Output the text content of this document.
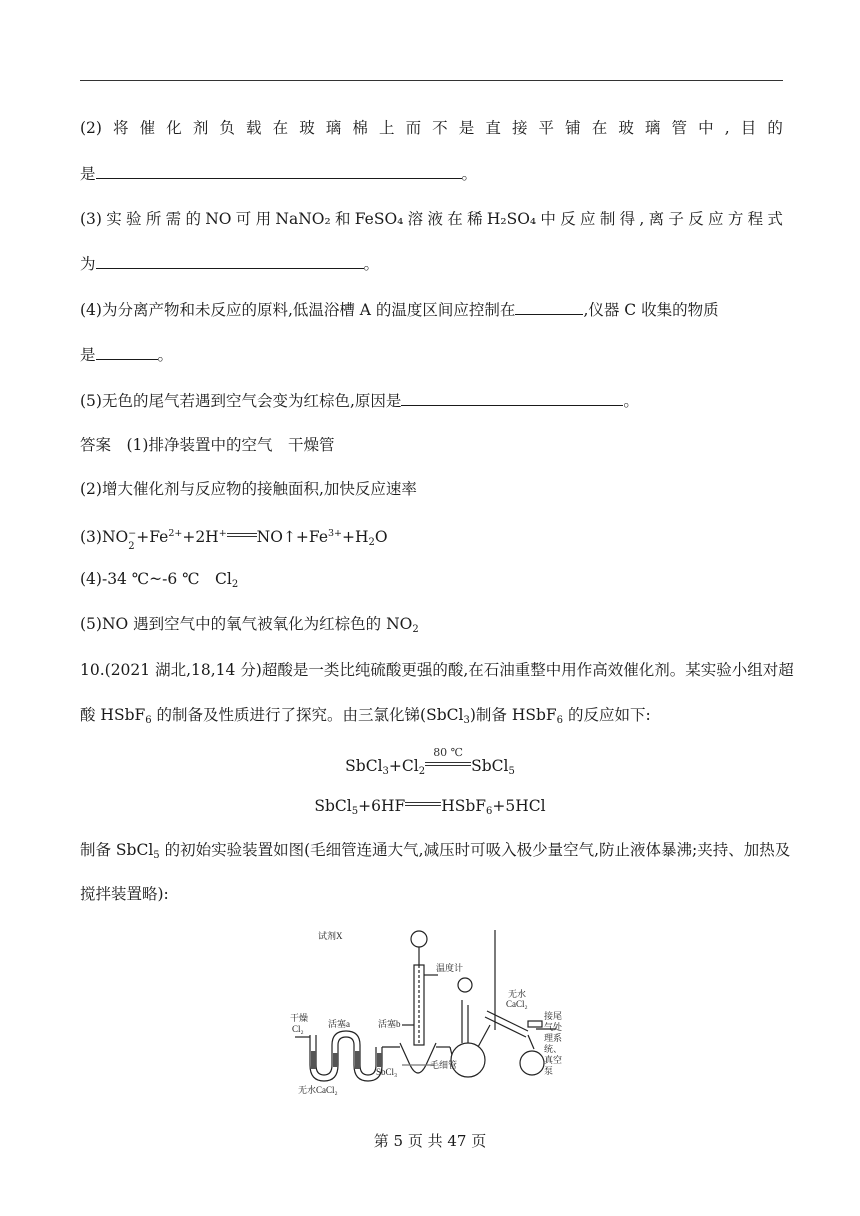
(2) 将 催 化 剂 负 载 在 玻 璃 棉 上 而 不 是 直 接 平 铺 在 玻 璃 管 中 , 目 的
是	。
(3) 实 验 所 需 的 NO 可 用 NaNO₂ 和 FeSO₄ 溶 液 在 稀 H₂SO₄ 中 反 应 制 得 , 离 子 反 应 方 程 式
为	。
(4)为分离产物和未反应的原料,低温浴槽 A 的温度区间应控制在	,仪器 C 收集的物质
是	。
(5)无色的尾气若遇到空气会变为红棕色,原因是	。
答案　(1)排净装置中的空气　干燥管
(2)增大催化剂与反应物的接触面积,加快反应速率
(3)NO −
2
$+Fe^{2+}+2H^+$ $NO↑+Fe^{3+}+H_2O$
(4)-34 ℃~-6 ℃　$Cl_2$
(5)NO 遇到空气中的氧气被氧化为红棕色的 $NO_2$
10.(2021 湖北,18,14 分)超酸是一类比纯硫酸更强的酸,在石油重整中用作高效催化剂。某实验小组对超
酸 HSbF$_6$ 的制备及性质进行了探究。由三氯化锑(SbCl$_3$)制备 HSbF$_6$ 的反应如下:
$SbCl_3+Cl_2$
80 ℃
SbCl$_5$
SbCl$_5$+6HF HSbF$_6$+5HCl
制备 SbCl$_5$ 的初始实验装置如图(毛细管连通大气,减压时可吸入极少量空气,防止液体暴沸;夹持、加热及
搅拌装置略):
试剂X
温度计
干燥
Cl₂	活塞a	活塞b
无水
CaCl₂
SbCl₃
毛细管
无水CaCl₂
接尾
气处
理系
统、
真空
泵
第 5 页 共 47 页
